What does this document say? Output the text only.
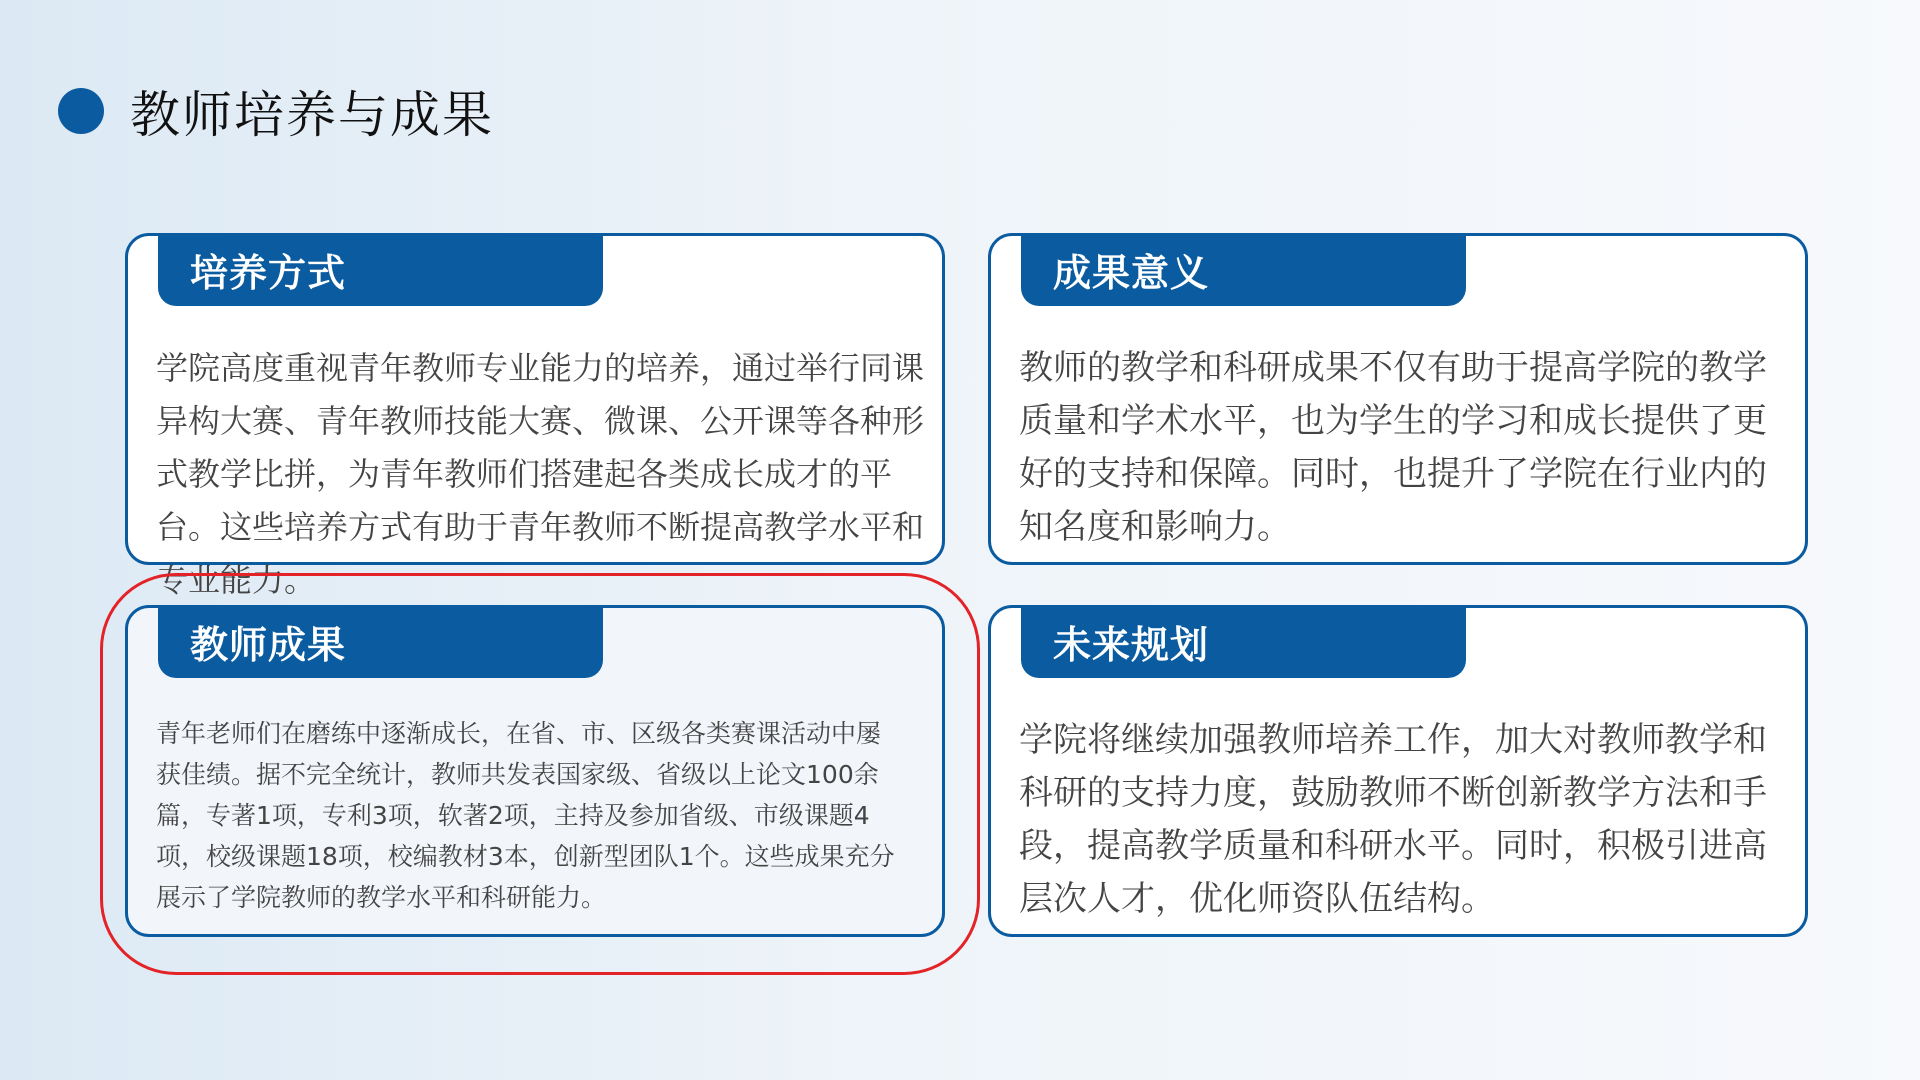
教师培养与成果
培养方式
学院高度重视青年教师专业能力的培养，通过举行同课异构大赛、青年教师技能大赛、微课、公开课等各种形式教学比拼，为青年教师们搭建起各类成长成才的平台。这些培养方式有助于青年教师不断提高教学水平和专业能力。
成果意义
教师的教学和科研成果不仅有助于提高学院的教学质量和学术水平，也为学生的学习和成长提供了更好的支持和保障。同时，也提升了学院在行业内的知名度和影响力。
教师成果
青年老师们在磨练中逐渐成长，在省、市、区级各类赛课活动中屡获佳绩。据不完全统计，教师共发表国家级、省级以上论文100余篇，专著1项，专利3项，软著2项，主持及参加省级、市级课题4项，校级课题18项，校编教材3本，创新型团队1个。这些成果充分展示了学院教师的教学水平和科研能力。
未来规划
学院将继续加强教师培养工作，加大对教师教学和科研的支持力度，鼓励教师不断创新教学方法和手段，提高教学质量和科研水平。同时，积极引进高层次人才，优化师资队伍结构。
